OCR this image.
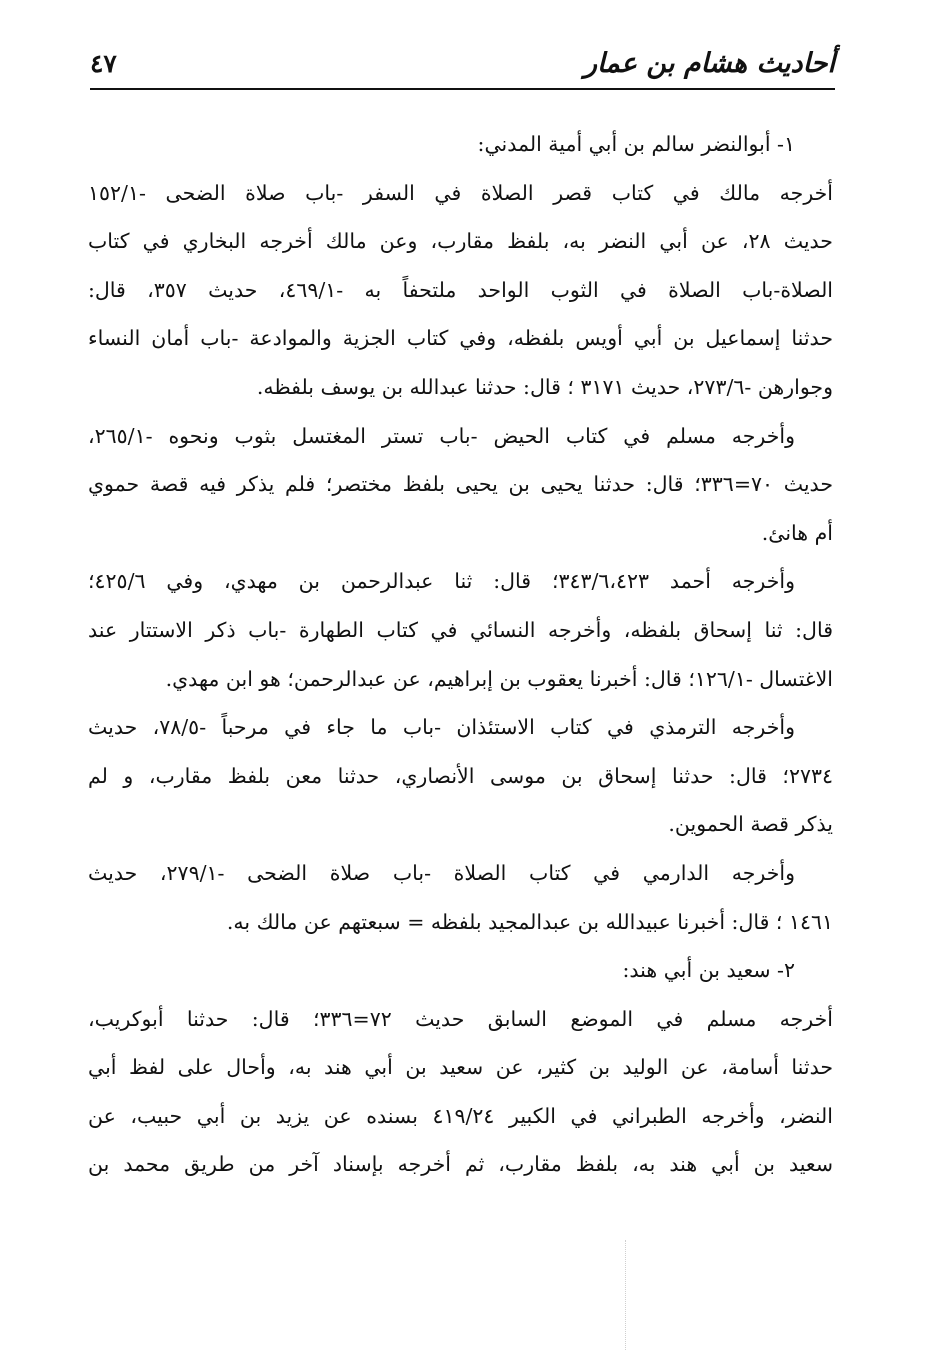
أحاديث هشام بن عمار
٤٧
١- أبوالنضر سالم بن أبي أمية المدني:
أخرجه مالك في كتاب قصر الصلاة في السفر -باب صلاة الضحى -١٥٢/١
حديث ٢٨، عن أبي النضر به، بلفظ مقارب، وعن مالك أخرجه البخاري في كتاب
الصلاة-باب الصلاة في الثوب الواحد ملتحفاً به -٤٦٩/١، حديث ٣٥٧، قال:
حدثنا إسماعيل بن أبي أويس بلفظه، وفي كتاب الجزية والموادعة -باب أمان النساء
وجوارهن -٢٧٣/٦، حديث ٣١٧١ ؛ قال: حدثنا عبدالله بن يوسف بلفظه.
وأخرجه مسلم في كتاب الحيض -باب تستر المغتسل بثوب ونحوه -٢٦٥/١،
حديث ٧٠=٣٣٦؛ قال: حدثنا يحيى بن يحيى بلفظ مختصر؛ فلم يذكر فيه قصة حموي
أم هانئ.
وأخرجه أحمد ٣٤٣/٦،٤٢٣؛ قال: ثنا عبدالرحمن بن مهدي، وفي ٤٢٥/٦؛
قال: ثنا إسحاق بلفظه، وأخرجه النسائي في كتاب الطهارة -باب ذكر الاستتار عند
الاغتسال -١٢٦/١؛ قال: أخبرنا يعقوب بن إبراهيم، عن عبدالرحمن؛ هو ابن مهدي.
وأخرجه الترمذي في كتاب الاستئذان -باب ما جاء في مرحباً -٧٨/٥، حديث
٢٧٣٤؛ قال: حدثنا إسحاق بن موسى الأنصاري، حدثنا معن بلفظ مقارب، و لم
يذكر قصة الحموين.
وأخرجه الدارمي في كتاب الصلاة -باب صلاة الضحى -٢٧٩/١، حديث
١٤٦١ ؛ قال: أخبرنا عبيدالله بن عبدالمجيد بلفظه = سبعتهم عن مالك به.
٢- سعيد بن أبي هند:
أخرجه مسلم في الموضع السابق حديث ٧٢=٣٣٦؛ قال: حدثنا أبوكريب،
حدثنا أسامة، عن الوليد بن كثير، عن سعيد بن أبي هند به، وأحال على لفظ أبي
النضر، وأخرجه الطبراني في الكبير ٤١٩/٢٤ بسنده عن يزيد بن أبي حبيب، عن
سعيد بن أبي هند به، بلفظ مقارب، ثم أخرجه بإسناد آخر من طريق محمد بن
